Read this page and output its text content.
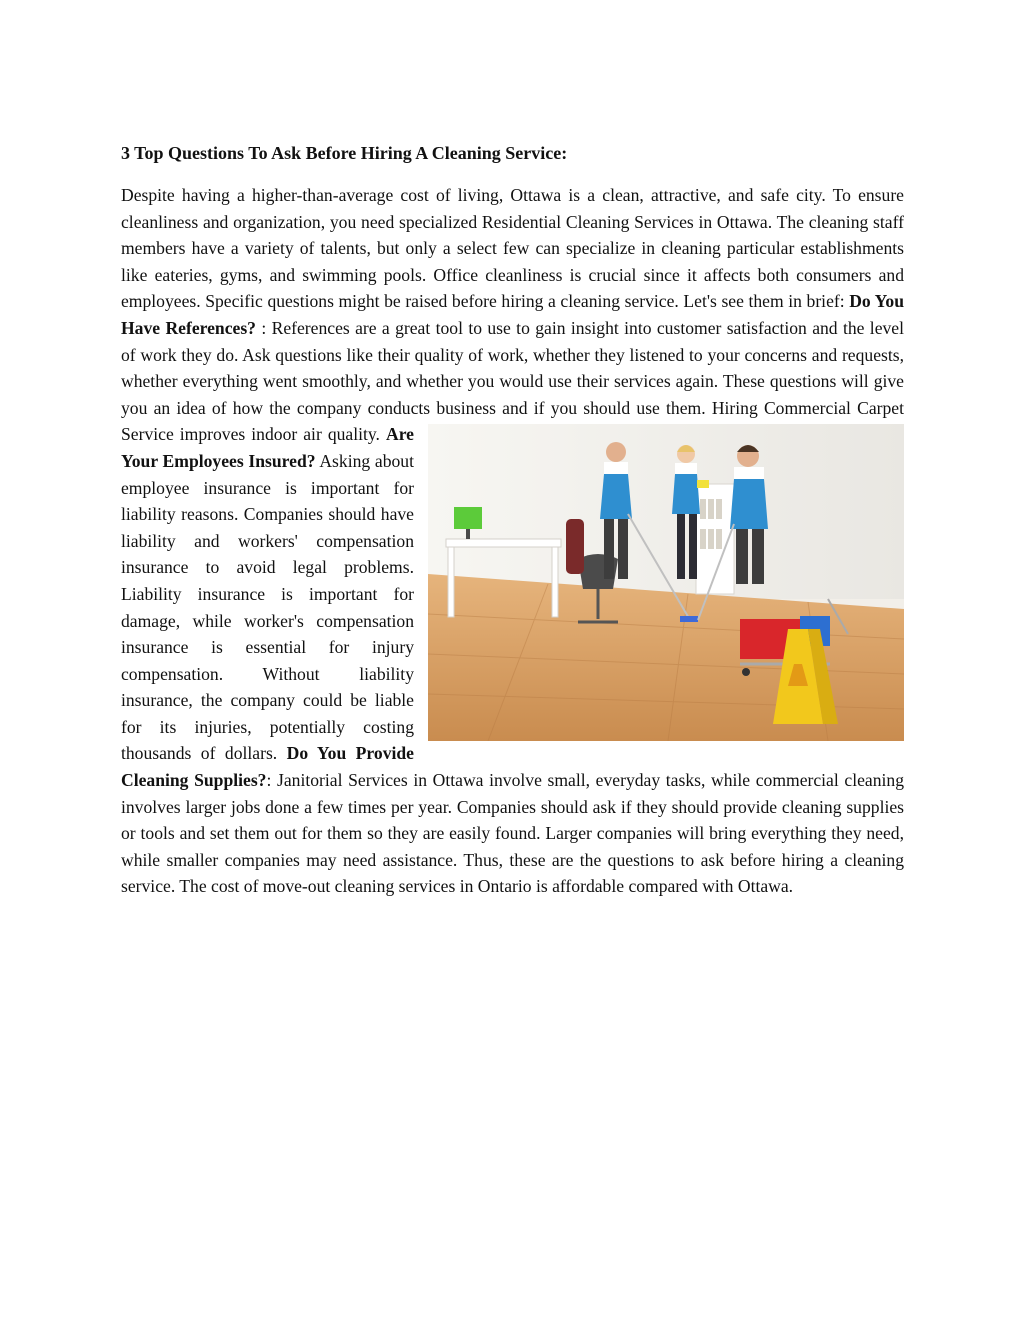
3 Top Questions To Ask Before Hiring A Cleaning Service:

Despite having a higher-than-average cost of living, Ottawa is a clean, attractive, and safe city. To ensure cleanliness and organization, you need specialized Residential Cleaning Services in Ottawa. The cleaning staff members have a variety of talents, but only a select few can specialize in cleaning particular establishments like eateries, gyms, and swimming pools. Office cleanliness is crucial since it affects both consumers and employees. Specific questions might be raised before hiring a cleaning service. Let's see them in brief: Do You Have References? : References are a great tool to use to gain insight into customer satisfaction and the level of work they do. Ask questions like their quality of work, whether they listened to your concerns and requests, whether everything went smoothly, and whether you would use their services again. These questions will give you an idea of how the company conducts business and if you should use them. Hiring Commercial Carpet Service improves indoor air quality.
Are Your Employees Insured? Asking about employee insurance is important for liability reasons. Companies should have liability and workers' compensation insurance to avoid legal problems. Liability insurance is important for damage, while worker's compensation insurance is essential for injury compensation. Without liability insurance, the company could be liable for its injuries, potentially costing thousands of dollars. Do You Provide Cleaning Supplies?: Janitorial Services in Ottawa involve small, everyday tasks, while commercial cleaning involves larger jobs done a few times per year. Companies should ask if they should provide cleaning supplies or tools and set them out for them so they are easily found. Larger companies will bring everything they need, while smaller companies may need assistance. Thus, these are the questions to ask before hiring a cleaning service. The cost of move-out cleaning services in Ontario is affordable compared with Ottawa.
